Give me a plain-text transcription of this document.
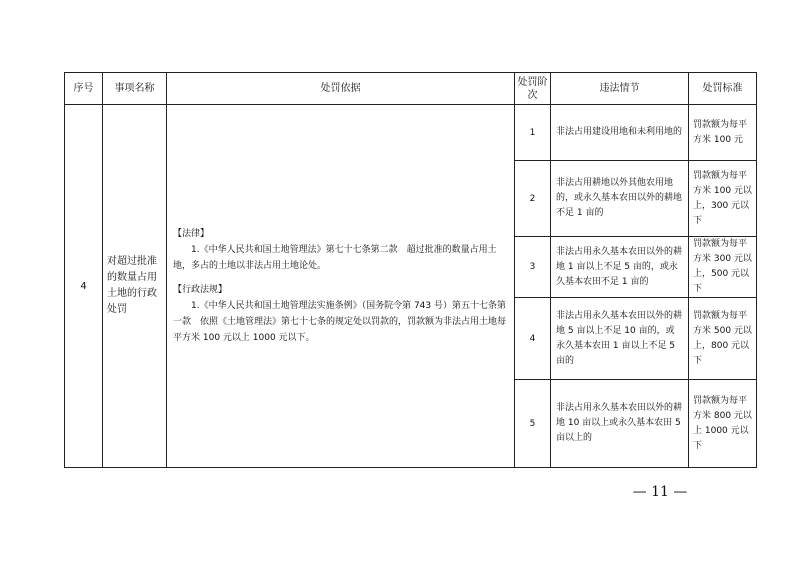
序号	事项名称	处罚依据	处罚阶次	违法情节	处罚标准
4	对超过批准的数量占用土地的行政处罚	【法律】
1.《中华人民共和国土地管理法》第七十七条第二款　超过批准的数量占用土地，多占的土地以非法占用土地论处。
【行政法规】
1.《中华人民共和国土地管理法实施条例》（国务院令第 743 号）第五十七条第一款　依照《土地管理法》第七十七条的规定处以罚款的，罚款额为非法占用土地每平方米 100 元以上 1000 元以下。	1	非法占用建设用地和未利用地的	罚款额为每平方米 100 元
			2	非法占用耕地以外其他农用地的，或永久基本农田以外的耕地不足 1 亩的	罚款额为每平方米 100 元以上，300 元以下
			3	非法占用永久基本农田以外的耕地 1 亩以上不足 5 亩的，或永久基本农田不足 1 亩的	罚款额为每平方米 300 元以上，500 元以下
			4	非法占用永久基本农田以外的耕地 5 亩以上不足 10 亩的，或永久基本农田 1 亩以上不足 5 亩的	罚款额为每平方米 500 元以上，800 元以下
			5	非法占用永久基本农田以外的耕地 10 亩以上或永久基本农田 5 亩以上的	罚款额为每平方米 800 元以上 1000 元以下
— 11 —
